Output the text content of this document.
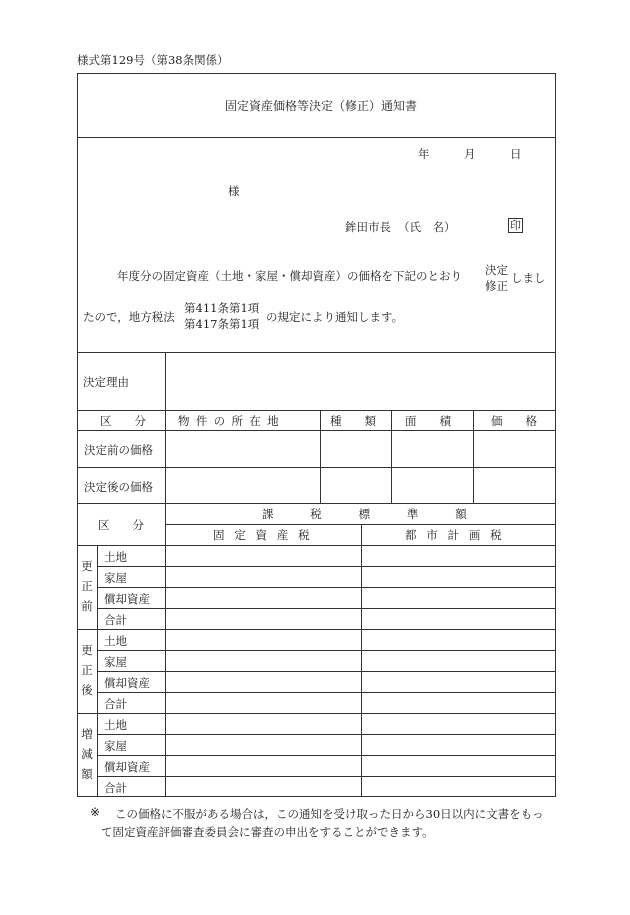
様式第129号（第38条関係）
固定資産価格等決定（修正）通知書
年	月	日
様
鉾田市長 （氏　名）	印
年度分の固定資産（土地・家屋・償却資産）の価格を下記のとおり 決定
修正
しまし
たので，地方税法
第411条第1項
第417条第1項 の規定により通知します。
決定理由
区　　分	物件の所在地	種　　類	面　　積	価　　格
決定前の価格
決定後の価格
区　　分
課税標準額
固定資産税	都市計画税
更正前
土地
家屋
償却資産
合計
更正後
土地
家屋
償却資産
合計
増減額
土地
家屋
償却資産
合計
※ この価格に不服がある場合は，この通知を受け取った日から30日以内に文書をもっ
て固定資産評価審査委員会に審査の申出をすることができます。
